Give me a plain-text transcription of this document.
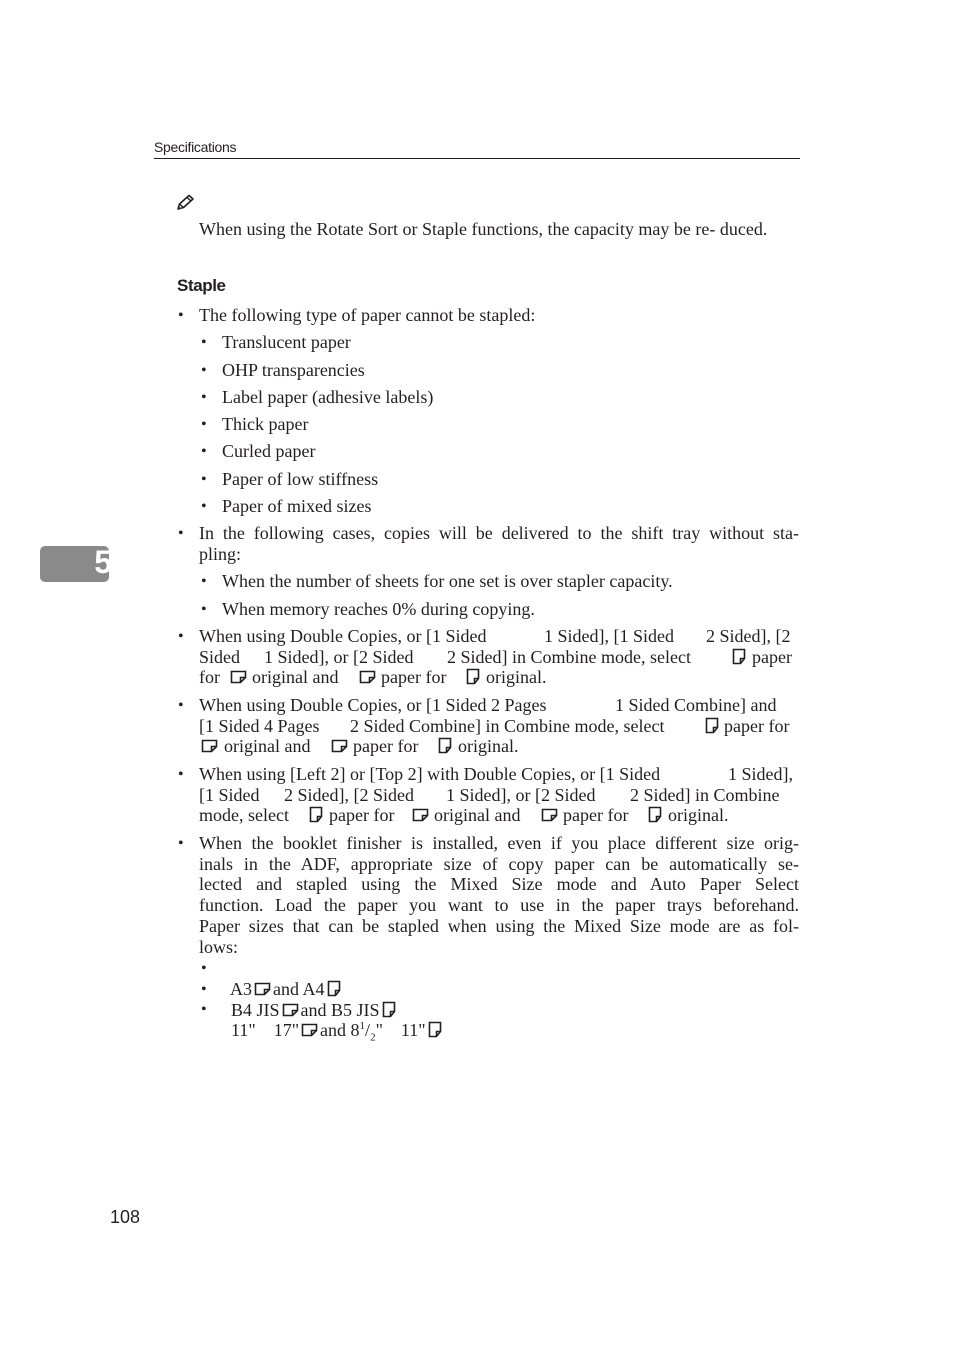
Specifications
5
When using the Rotate Sort or Staple functions, the capacity may be re- duced.
Staple
• The following type of paper cannot be stapled:
• Translucent paper
• OHP transparencies
• Label paper (adhesive labels)
• Thick paper
• Curled paper
• Paper of low stiffness
• Paper of mixed sizes
• In the following cases, copies will be delivered to the shift tray without sta-
pling:
• When the number of sheets for one set is over stapler capacity.
• When memory reaches 0% during copying.
• When using Double Copies, or [1 Sided	1 Sided], [1 Sided 2 Sided], [2
Sided 1 Sided], or [2 Sided 2 Sided] in Combine mode, select	paper
for original and paper for original.
• When using Double Copies, or [1 Sided 2 Pages	1 Sided Combine] and
[1 Sided 4 Pages 2 Sided Combine] in Combine mode, select	paper for
original and paper for original.
• When using [Left 2] or [Top 2] with Double Copies, or [1 Sided	1 Sided],
[1 Sided 2 Sided], [2 Sided 1 Sided], or [2 Sided 2 Sided] in Combine
mode, select paper for original and paper for original.
• When the booklet finisher is installed, even if you place different size orig-
inals in the ADF, appropriate size of copy paper can be automatically se-
lected and stapled using the Mixed Size mode and Auto Paper Select
function. Load the paper you want to use in the paper trays beforehand.
Paper sizes that can be stapled when using the Mixed Size mode are as fol-
lows:
•

A3 and A4

•

B4 JIS and B5 JIS

•

11" 17" and $8^1/_2$" 11"

108
